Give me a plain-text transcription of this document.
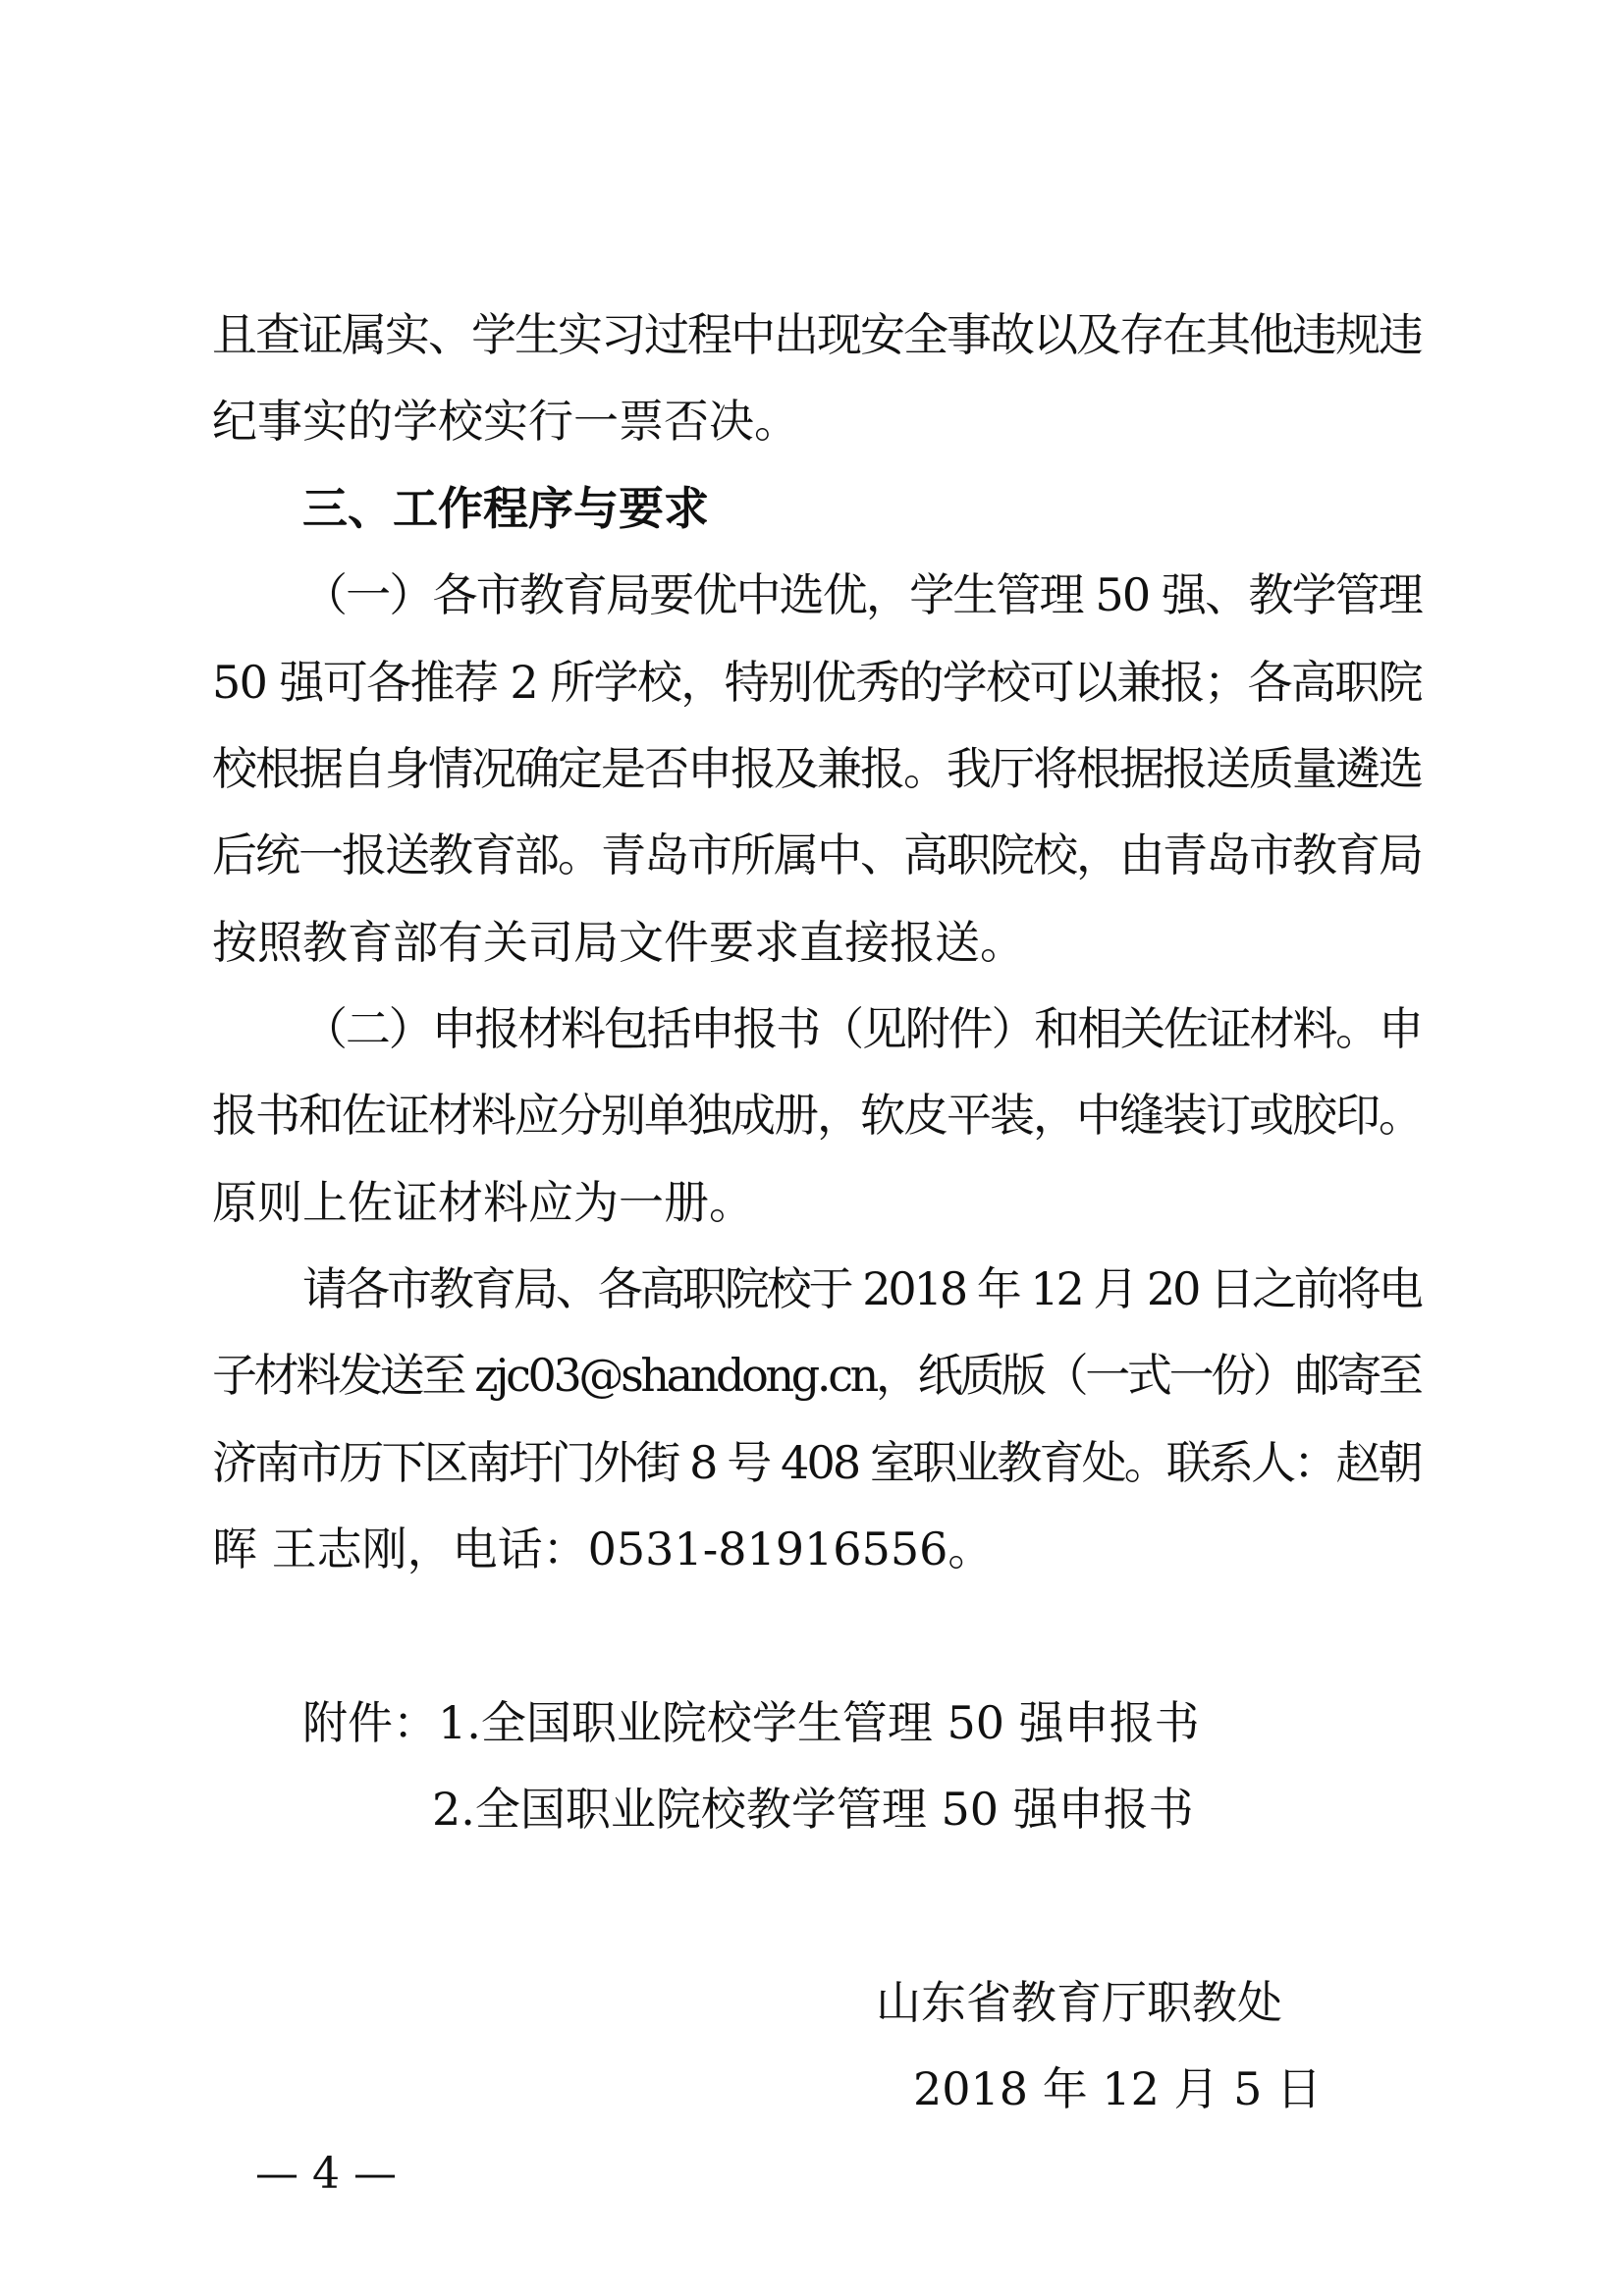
且查证属实、学生实习过程中出现安全事故以及存在其他违规违
纪事实的学校实行一票否决。
三、工作程序与要求
（一）各市教育局要优中选优，学生管理 50 强、教学管理
50 强可各推荐 2 所学校，特别优秀的学校可以兼报；各高职院
校根据自身情况确定是否申报及兼报。我厅将根据报送质量遴选
后统一报送教育部。青岛市所属中、高职院校，由青岛市教育局
按照教育部有关司局文件要求直接报送。
（二）申报材料包括申报书（见附件）和相关佐证材料。申
报书和佐证材料应分别单独成册，软皮平装，中缝装订或胶印。
原则上佐证材料应为一册。
请各市教育局、各高职院校于 2018 年 12 月 20 日之前将电
子材料发送至 zjc03@shandong.cn，纸质版（一式一份）邮寄至
济南市历下区南圩门外街 8 号 408 室职业教育处。联系人：赵朝
晖 王志刚，电话：0531-81916556。
附件：1.全国职业院校学生管理 50 强申报书
2.全国职业院校教学管理 50 强申报书
山东省教育厅职教处
2018 年 12 月 5 日
— 4 —
